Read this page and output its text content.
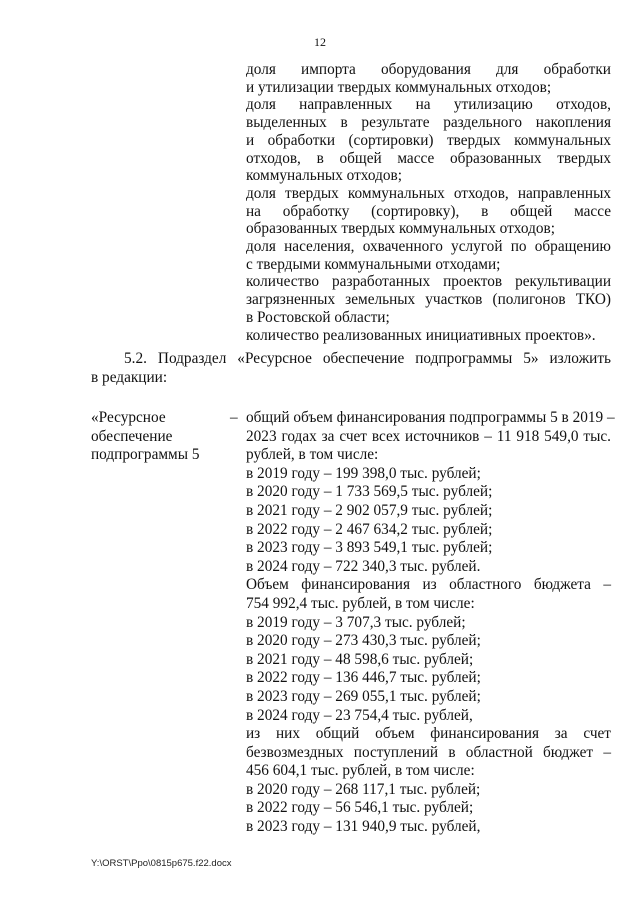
12
доля импорта оборудования для обработки
и утилизации твердых коммунальных отходов;
доля направленных на утилизацию отходов,
выделенных в результате раздельного накопления
и обработки (сортировки) твердых коммунальных
отходов, в общей массе образованных твердых
коммунальных отходов;
доля твердых коммунальных отходов, направленных
на обработку (сортировку), в общей массе
образованных твердых коммунальных отходов;
доля населения, охваченного услугой по обращению
с твердыми коммунальными отходами;
количество разработанных проектов рекультивации
загрязненных земельных участков (полигонов ТКО)
в Ростовской области;
количество реализованных инициативных проектов».
5.2. Подраздел «Ресурсное обеспечение подпрограммы 5» изложить
в редакции:
«Ресурсное
обеспечение
подпрограммы 5
– общий объем финансирования подпрограммы 5 в 2019 –
2023 годах за счет всех источников – 11 918 549,0 тыс.
рублей, в том числе:
в 2019 году – 199 398,0 тыс. рублей;
в 2020 году – 1 733 569,5 тыс. рублей;
в 2021 году – 2 902 057,9 тыс. рублей;
в 2022 году – 2 467 634,2 тыс. рублей;
в 2023 году – 3 893 549,1 тыс. рублей;
в 2024 году – 722 340,3 тыс. рублей.
Объем финансирования из областного бюджета –
754 992,4 тыс. рублей, в том числе:
в 2019 году – 3 707,3 тыс. рублей;
в 2020 году – 273 430,3 тыс. рублей;
в 2021 году – 48 598,6 тыс. рублей;
в 2022 году – 136 446,7 тыс. рублей;
в 2023 году – 269 055,1 тыс. рублей;
в 2024 году – 23 754,4 тыс. рублей,
из них общий объем финансирования за счет
безвозмездных поступлений в областной бюджет –
456 604,1 тыс. рублей, в том числе:
в 2020 году – 268 117,1 тыс. рублей;
в 2022 году – 56 546,1 тыс. рублей;
в 2023 году – 131 940,9 тыс. рублей,
Y:\ORST\Ppo\0815p675.f22.docx
